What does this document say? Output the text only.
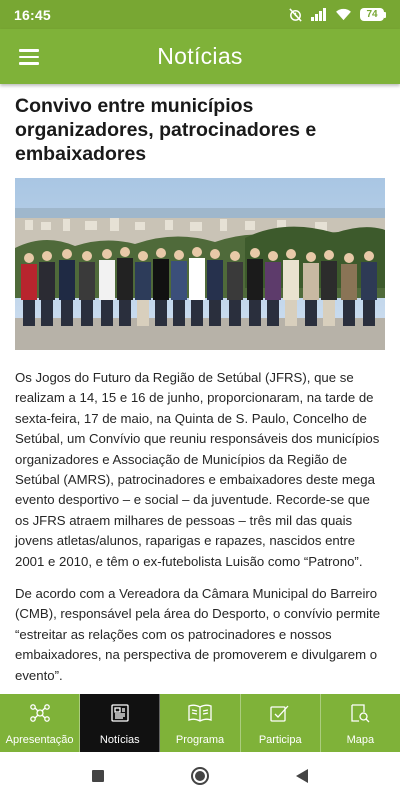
16:45	74
Notícias
Convivo entre municípios organizadores, patrocinadores e embaixadores

Os Jogos do Futuro da Região de Setúbal (JFRS), que se realizam a 14, 15 e 16 de junho, proporcionaram, na tarde de sexta-feira, 17 de maio, na Quinta de S. Paulo, Concelho de Setúbal, um Convívio que reuniu responsáveis dos municípios organizadores e Associação de Municípios da Região de Setúbal (AMRS), patrocinadores e embaixadores deste mega evento desportivo – e social – da juventude. Recorde-se que os JFRS atraem milhares de pessoas – três mil das quais jovens atletas/alunos, raparigas e rapazes, nascidos entre 2001 e 2010, e têm o ex-futebolista Luisão como “Patrono”.

De acordo com a Vereadora da Câmara Municipal do Barreiro (CMB), responsável pela área do Desporto, o convívio permite “estreitar as relações com os patrocinadores e nossos embaixadores, na perspectiva de promoverem e divulgarem o evento”.

Apresentação Notícias	Programa	Participa	Mapa
